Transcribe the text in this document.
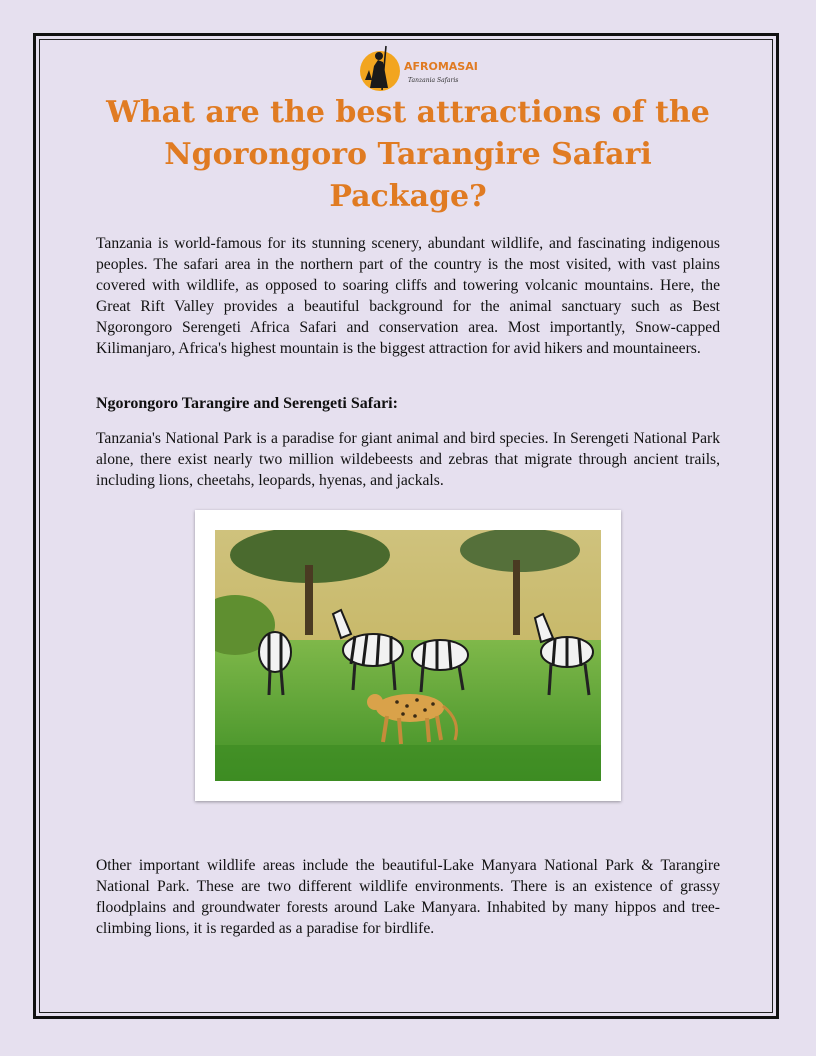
AFROMASAI
Tanzania Safaris
What are the best attractions of the Ngorongoro Tarangire Safari Package?

Tanzania is world-famous for its stunning scenery, abundant wildlife, and fascinating indigenous peoples. The safari area in the northern part of the country is the most visited, with vast plains covered with wildlife, as opposed to soaring cliffs and towering volcanic mountains. Here, the Great Rift Valley provides a beautiful background for the animal sanctuary such as Best Ngorongoro Serengeti Africa Safari and conservation area. Most importantly, Snow-capped Kilimanjaro, Africa's highest mountain is the biggest attraction for avid hikers and mountaineers.

Ngorongoro Tarangire and Serengeti Safari:

Tanzania's National Park is a paradise for giant animal and bird species. In Serengeti National Park alone, there exist nearly two million wildebeests and zebras that migrate through ancient trails, including lions, cheetahs, leopards, hyenas, and jackals.

Other important wildlife areas include the beautiful-Lake Manyara National Park & Tarangire National Park. These are two different wildlife environments. There is an existence of grassy floodplains and groundwater forests around Lake Manyara. Inhabited by many hippos and tree-climbing lions, it is regarded as a paradise for birdlife.
